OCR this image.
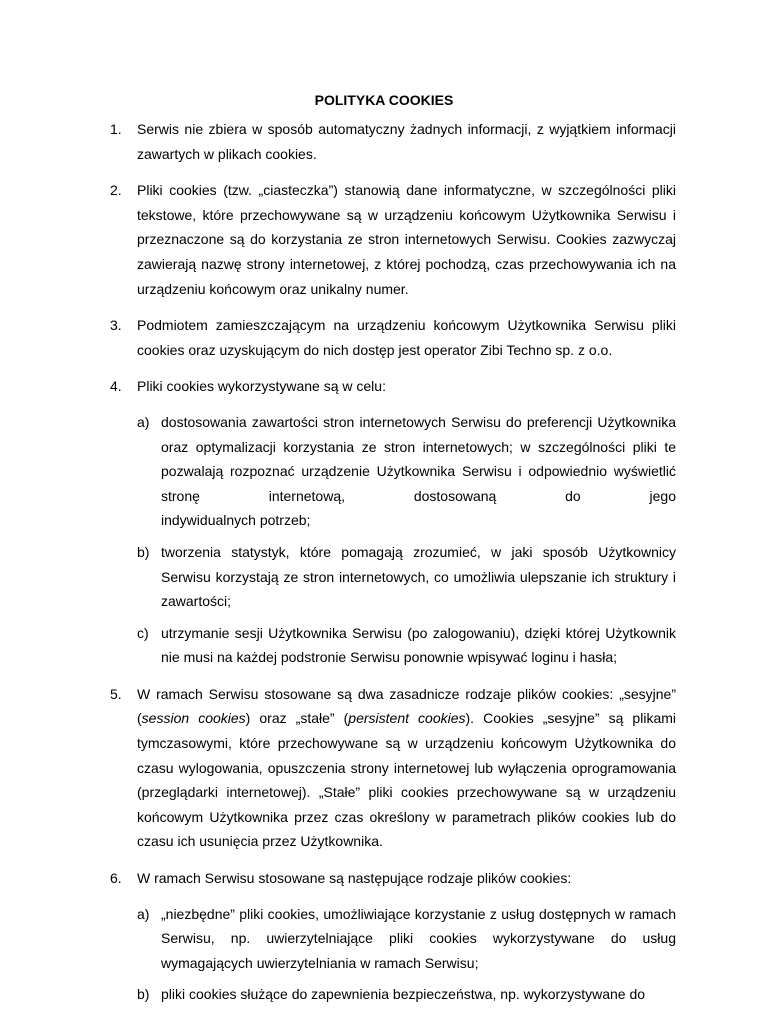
POLITYKA COOKIES
1. Serwis nie zbiera w sposób automatyczny żadnych informacji, z wyjątkiem informacji zawartych w plikach cookies.
2. Pliki cookies (tzw. „ciasteczka”) stanowią dane informatyczne, w szczególności pliki tekstowe, które przechowywane są w urządzeniu końcowym Użytkownika Serwisu i przeznaczone są do korzystania ze stron internetowych Serwisu. Cookies zazwyczaj zawierają nazwę strony internetowej, z której pochodzą, czas przechowywania ich na urządzeniu końcowym oraz unikalny numer.
3. Podmiotem zamieszczającym na urządzeniu końcowym Użytkownika Serwisu pliki cookies oraz uzyskującym do nich dostęp jest operator Zibi Techno sp. z o.o.
4. Pliki cookies wykorzystywane są w celu:
a) dostosowania zawartości stron internetowych Serwisu do preferencji Użytkownika oraz optymalizacji korzystania ze stron internetowych; w szczególności pliki te pozwalają rozpoznać urządzenie Użytkownika Serwisu i odpowiednio wyświetlić stronę internetową, dostosowaną do jego
indywidualnych potrzeb;
b) tworzenia statystyk, które pomagają zrozumieć, w jaki sposób Użytkownicy Serwisu korzystają ze stron internetowych, co umożliwia ulepszanie ich struktury i zawartości;
c) utrzymanie sesji Użytkownika Serwisu (po zalogowaniu), dzięki której Użytkownik nie musi na każdej podstronie Serwisu ponownie wpisywać loginu i hasła;
5. W ramach Serwisu stosowane są dwa zasadnicze rodzaje plików cookies: „sesyjne” (session cookies) oraz „stałe” (persistent cookies). Cookies „sesyjne” są plikami tymczasowymi, które przechowywane są w urządzeniu końcowym Użytkownika do czasu wylogowania, opuszczenia strony internetowej lub wyłączenia oprogramowania (przeglądarki internetowej). „Stałe” pliki cookies przechowywane są w urządzeniu końcowym Użytkownika przez czas określony w parametrach plików cookies lub do czasu ich usunięcia przez Użytkownika.
6. W ramach Serwisu stosowane są następujące rodzaje plików cookies:
a) „niezbędne” pliki cookies, umożliwiające korzystanie z usług dostępnych w ramach Serwisu, np. uwierzytelniające pliki cookies wykorzystywane do usług wymagających uwierzytelniania w ramach Serwisu;
b) pliki cookies służące do zapewnienia bezpieczeństwa, np. wykorzystywane do
